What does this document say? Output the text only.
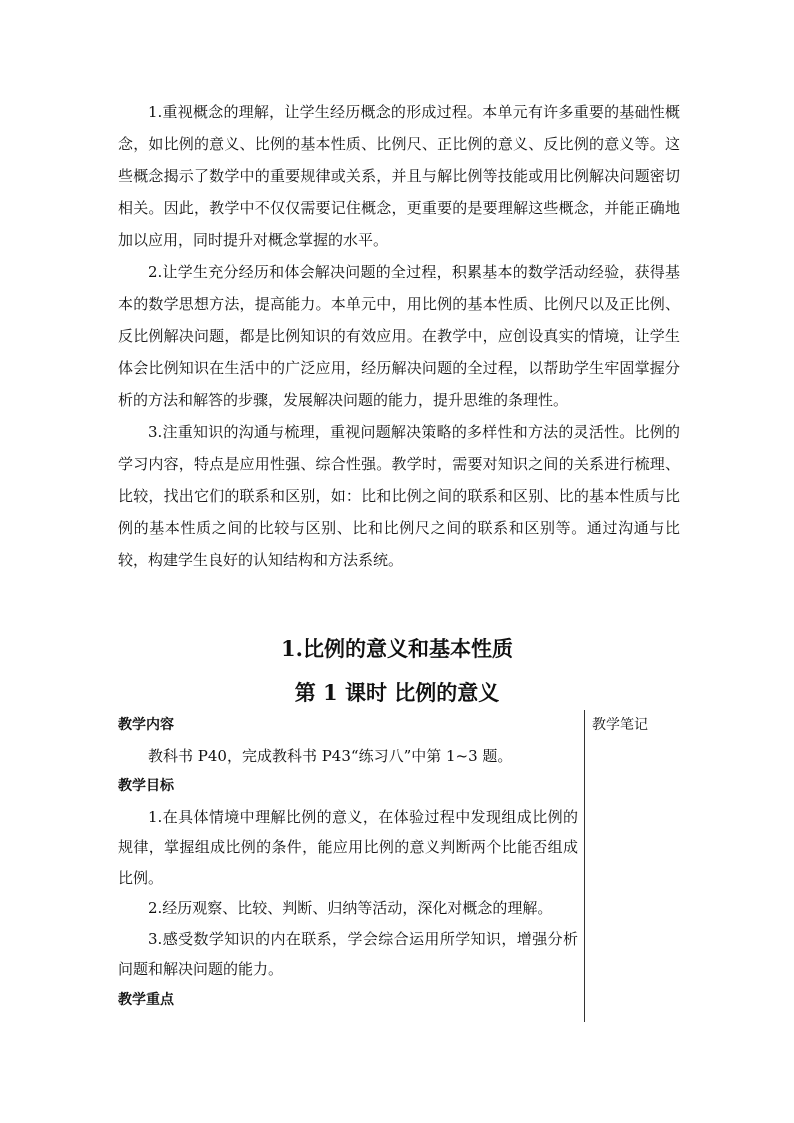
1.重视概念的理解，让学生经历概念的形成过程。本单元有许多重要的基础性概念，如比例的意义、比例的基本性质、比例尺、正比例的意义、反比例的意义等。这些概念揭示了数学中的重要规律或关系，并且与解比例等技能或用比例解决问题密切相关。因此，教学中不仅仅需要记住概念，更重要的是要理解这些概念，并能正确地加以应用，同时提升对概念掌握的水平。

2.让学生充分经历和体会解决问题的全过程，积累基本的数学活动经验，获得基本的数学思想方法，提高能力。本单元中，用比例的基本性质、比例尺以及正比例、反比例解决问题，都是比例知识的有效应用。在教学中，应创设真实的情境，让学生体会比例知识在生活中的广泛应用，经历解决问题的全过程，以帮助学生牢固掌握分析的方法和解答的步骤，发展解决问题的能力，提升思维的条理性。

3.注重知识的沟通与梳理，重视问题解决策略的多样性和方法的灵活性。比例的学习内容，特点是应用性强、综合性强。教学时，需要对知识之间的关系进行梳理、比较，找出它们的联系和区别，如：比和比例之间的联系和区别、比的基本性质与比例的基本性质之间的比较与区别、比和比例尺之间的联系和区别等。通过沟通与比较，构建学生良好的认知结构和方法系统。

1.比例的意义和基本性质
第 1 课时 比例的意义

教学内容

教科书 P40，完成教科书 P43“练习八”中第 1~3 题。

教学目标

1.在具体情境中理解比例的意义，在体验过程中发现组成比例的规律，掌握组成比例的条件，能应用比例的意义判断两个比能否组成比例。

2.经历观察、比较、判断、归纳等活动，深化对概念的理解。

3.感受数学知识的内在联系，学会综合运用所学知识，增强分析问题和解决问题的能力。

教学重点

教学笔记
